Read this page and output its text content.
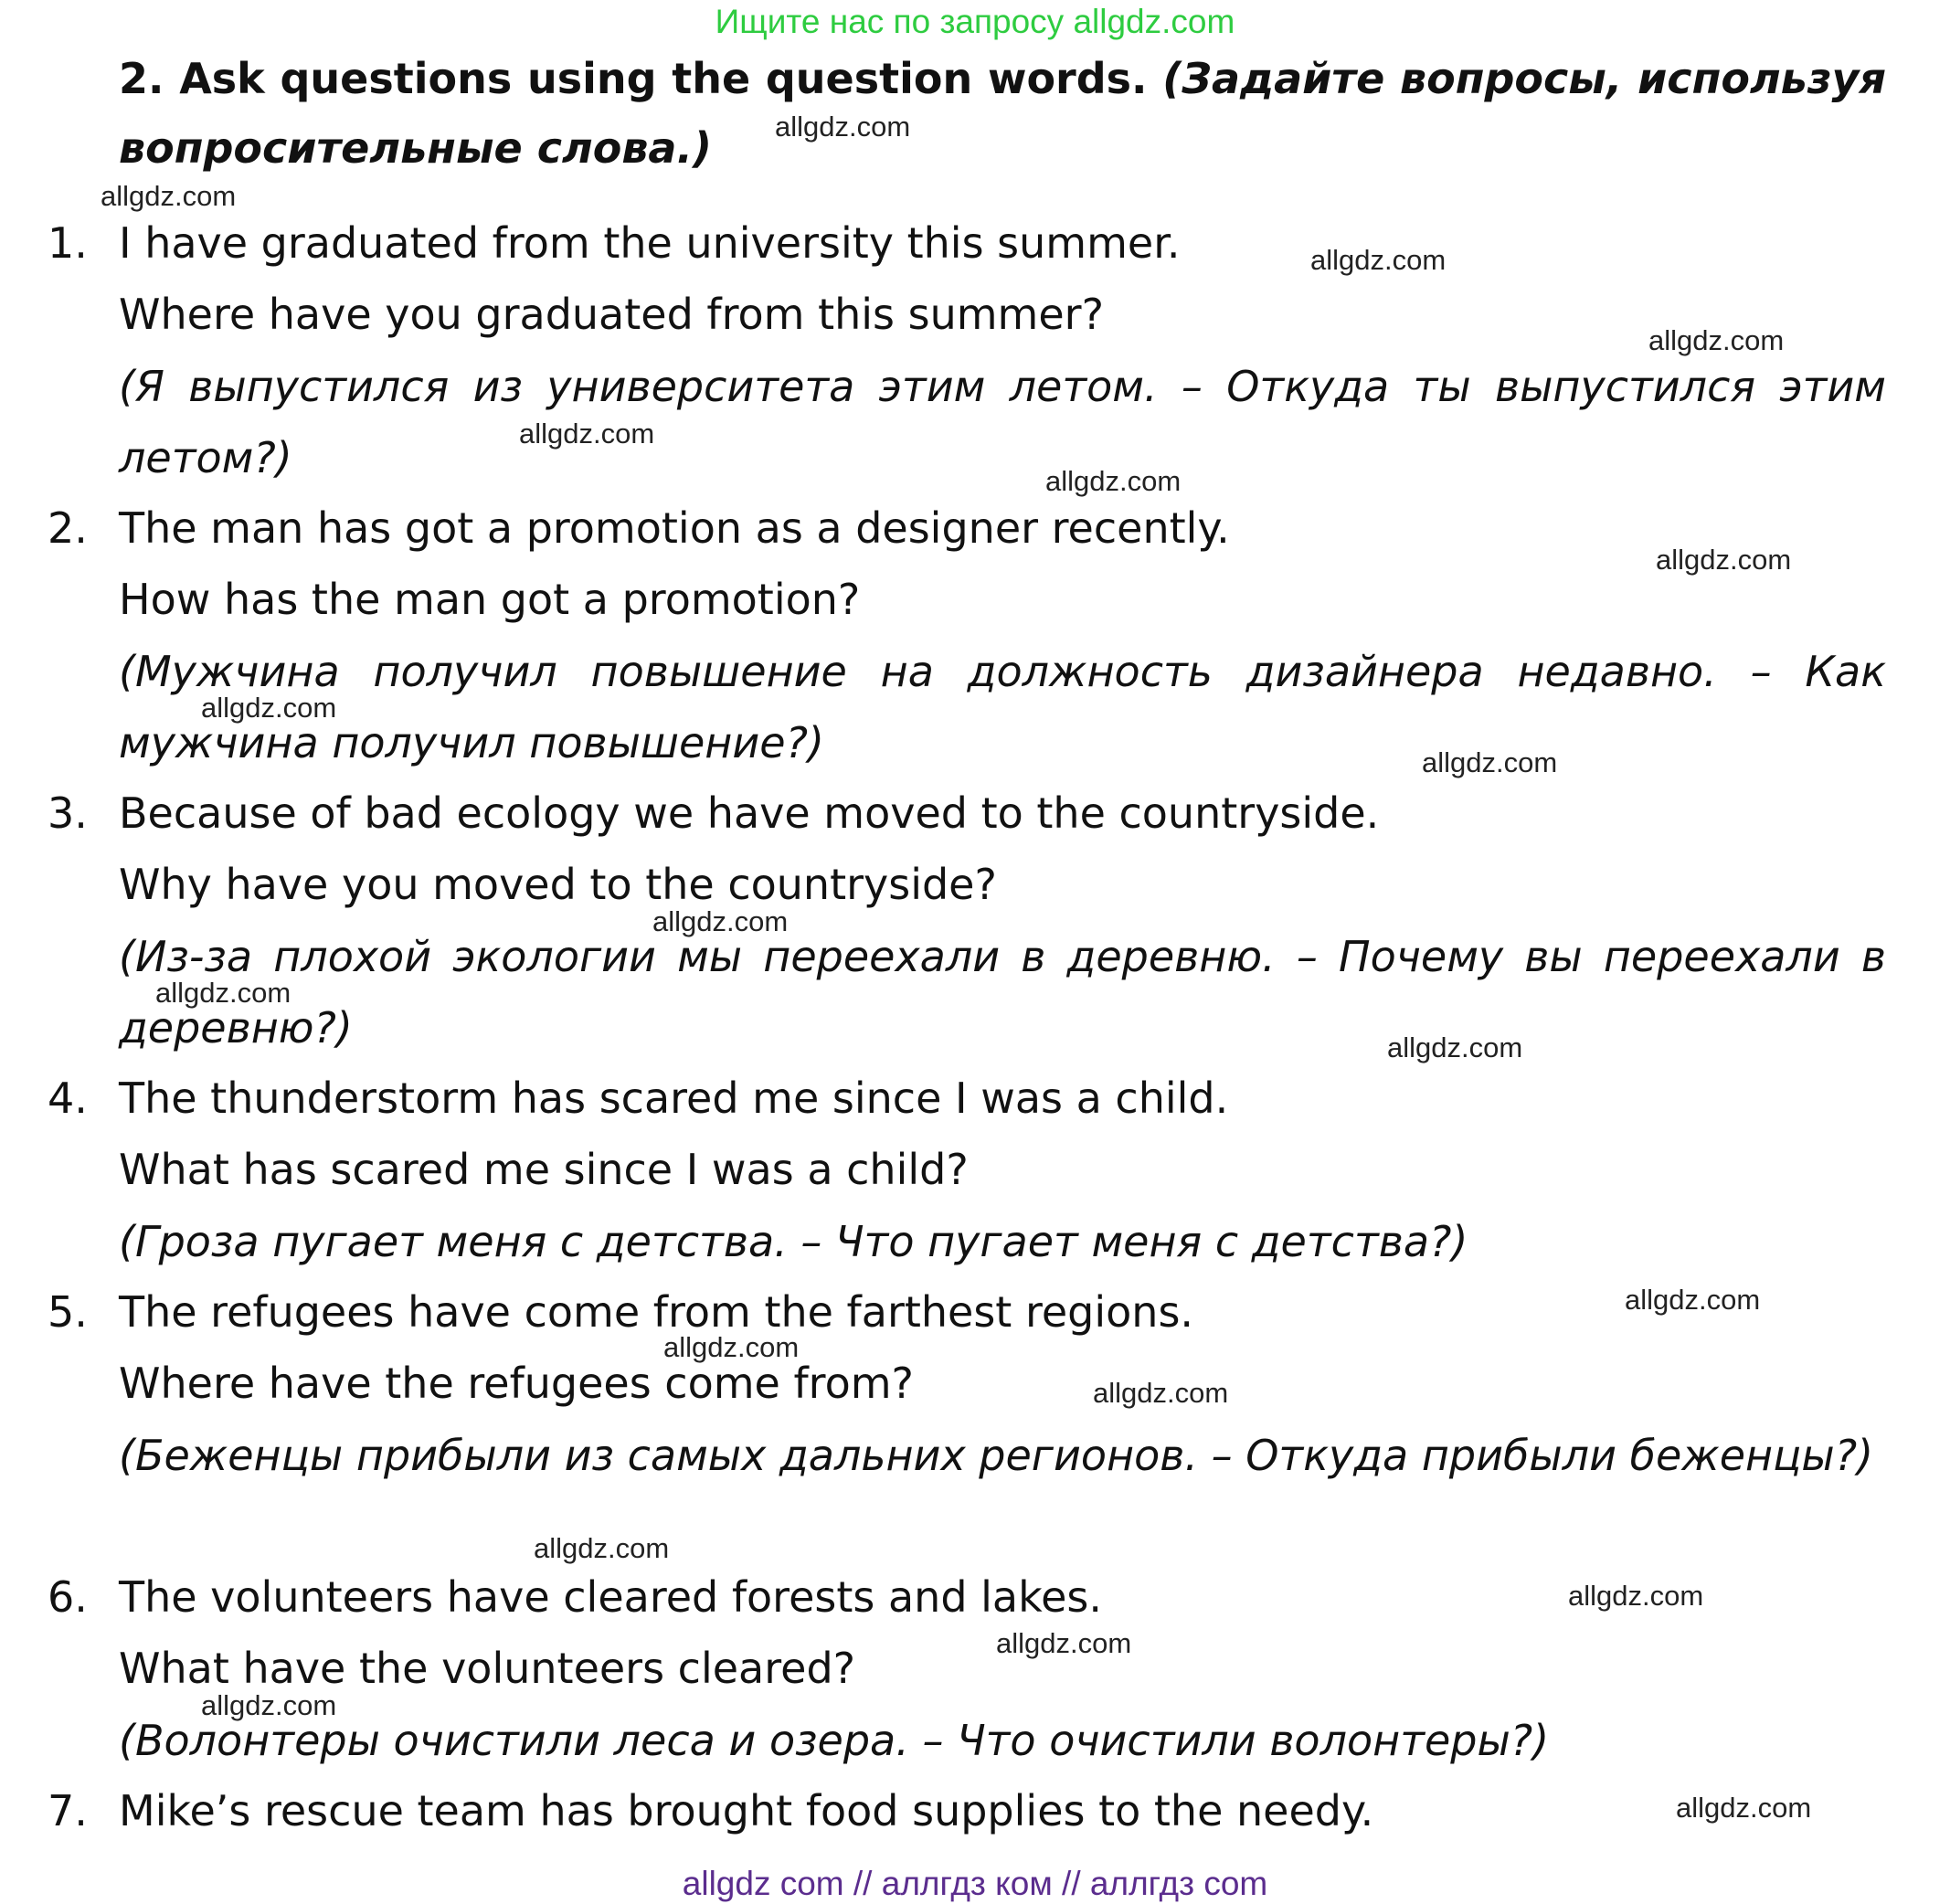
Ищите нас по запросу allgdz.com
2. Ask questions using the question words. (Задайте вопросы, используя вопросительные слова.)
1. I have graduated from the university this summer.
Where have you graduated from this summer?
(Я выпустился из университета этим летом. – Откуда ты выпустился этим летом?)
2. The man has got a promotion as a designer recently.
How has the man got a promotion?
(Мужчина получил повышение на должность дизайнера недавно. – Как мужчина получил повышение?)
3. Because of bad ecology we have moved to the countryside.
Why have you moved to the countryside?
(Из-за плохой экологии мы переехали в деревню. – Почему вы переехали в деревню?)
4. The thunderstorm has scared me since I was a child.
What has scared me since I was a child?
(Гроза пугает меня с детства. – Что пугает меня с детства?)
5. The refugees have come from the farthest regions.
Where have the refugees come from?
(Беженцы прибыли из самых дальних регионов. – Откуда прибыли беженцы?)
6. The volunteers have cleared forests and lakes.
What have the volunteers cleared?
(Волонтеры очистили леса и озера. – Что очистили волонтеры?)
7. Mike’s rescue team has brought food supplies to the needy.
allgdz.com
allgdz.com
allgdz.com
allgdz.com
allgdz.com
allgdz.com
allgdz.com
allgdz.com
allgdz.com
allgdz.com
allgdz.com
allgdz.com
allgdz.com
allgdz.com
allgdz.com
allgdz.com
allgdz.com
allgdz.com
allgdz.com
allgdz.com
allgdz com // аллгдз ком // аллгдз com
